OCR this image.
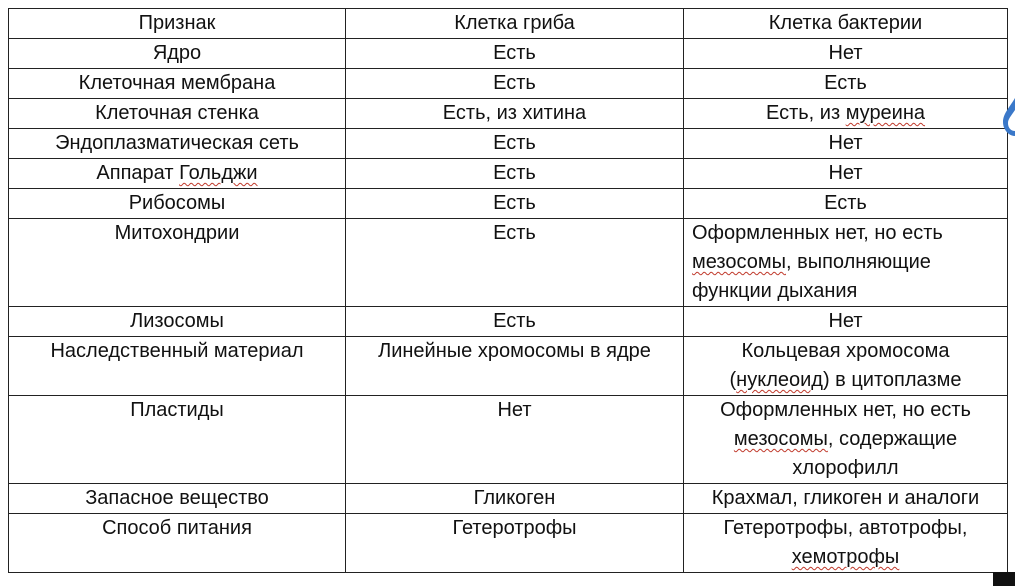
Признак	Клетка гриба	Клетка бактерии
Ядро	Есть	Нет
Клеточная мембрана	Есть	Есть
Клеточная стенка	Есть, из хитина	Есть, из муреина
Эндоплазматическая сеть	Есть	Нет
Аппарат Гольджи	Есть	Нет
Рибосомы	Есть	Есть
Митохондрии	Есть	Оформленных нет, но есть
мезосомы, выполняющие
функции дыхания

Лизосомы	Есть	Нет
Наследственный материал	Линейные хромосомы в ядре	Кольцевая хромосома
(нуклеоид) в цитоплазме

Пластиды	Нет	Оформленных нет, но есть
мезосомы, содержащие
хлорофилл

Запасное вещество	Гликоген	Крахмал, гликоген и аналоги
Способ питания	Гетеротрофы	Гетеротрофы, автотрофы,
хемотрофы
